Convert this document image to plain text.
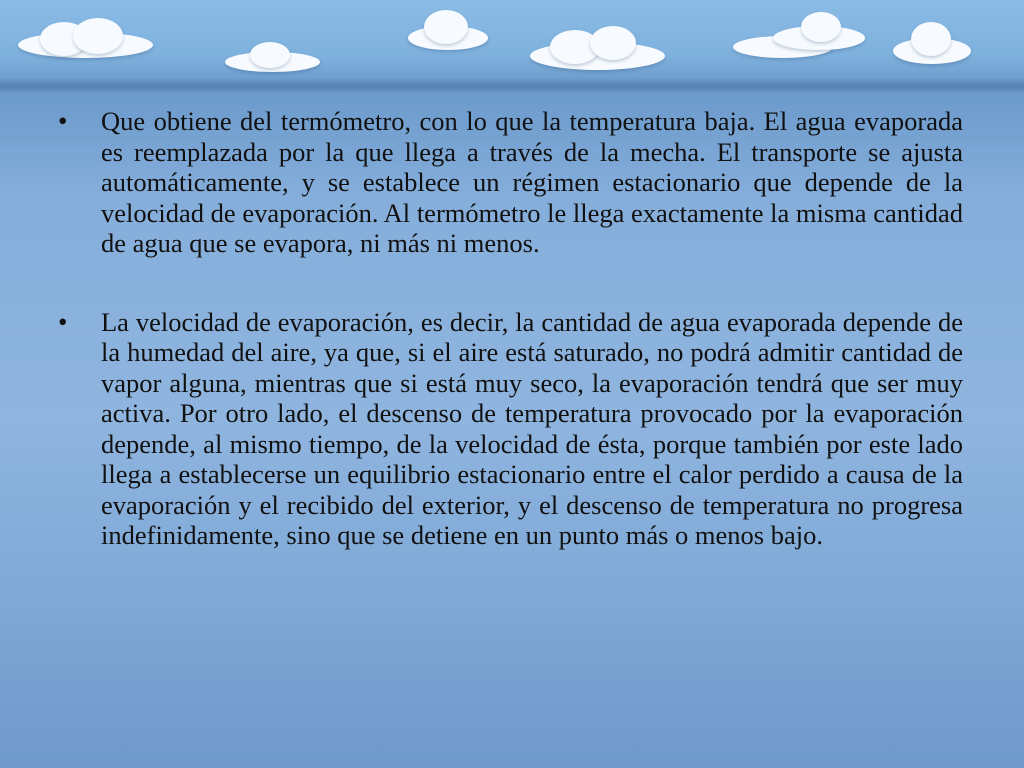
• Que obtiene del termómetro, con lo que la temperatura baja. El agua evaporada es reemplazada por la que llega a través de la mecha. El transporte se ajusta automáticamente, y se establece un régimen estacionario que depende de la velocidad de evaporación. Al termómetro le llega exactamente la misma cantidad de agua que se evapora, ni más ni menos.
• La velocidad de evaporación, es decir, la cantidad de agua evaporada depende de la humedad del aire, ya que, si el aire está saturado, no podrá admitir cantidad de vapor alguna, mientras que si está muy seco, la evaporación tendrá que ser muy activa. Por otro lado, el descenso de temperatura provocado por la evaporación depende, al mismo tiempo, de la velocidad de ésta, porque también por este lado llega a establecerse un equilibrio estacionario entre el calor perdido a causa de la evaporación y el recibido del exterior, y el descenso de temperatura no progresa indefinidamente, sino que se detiene en un punto más o menos bajo.
